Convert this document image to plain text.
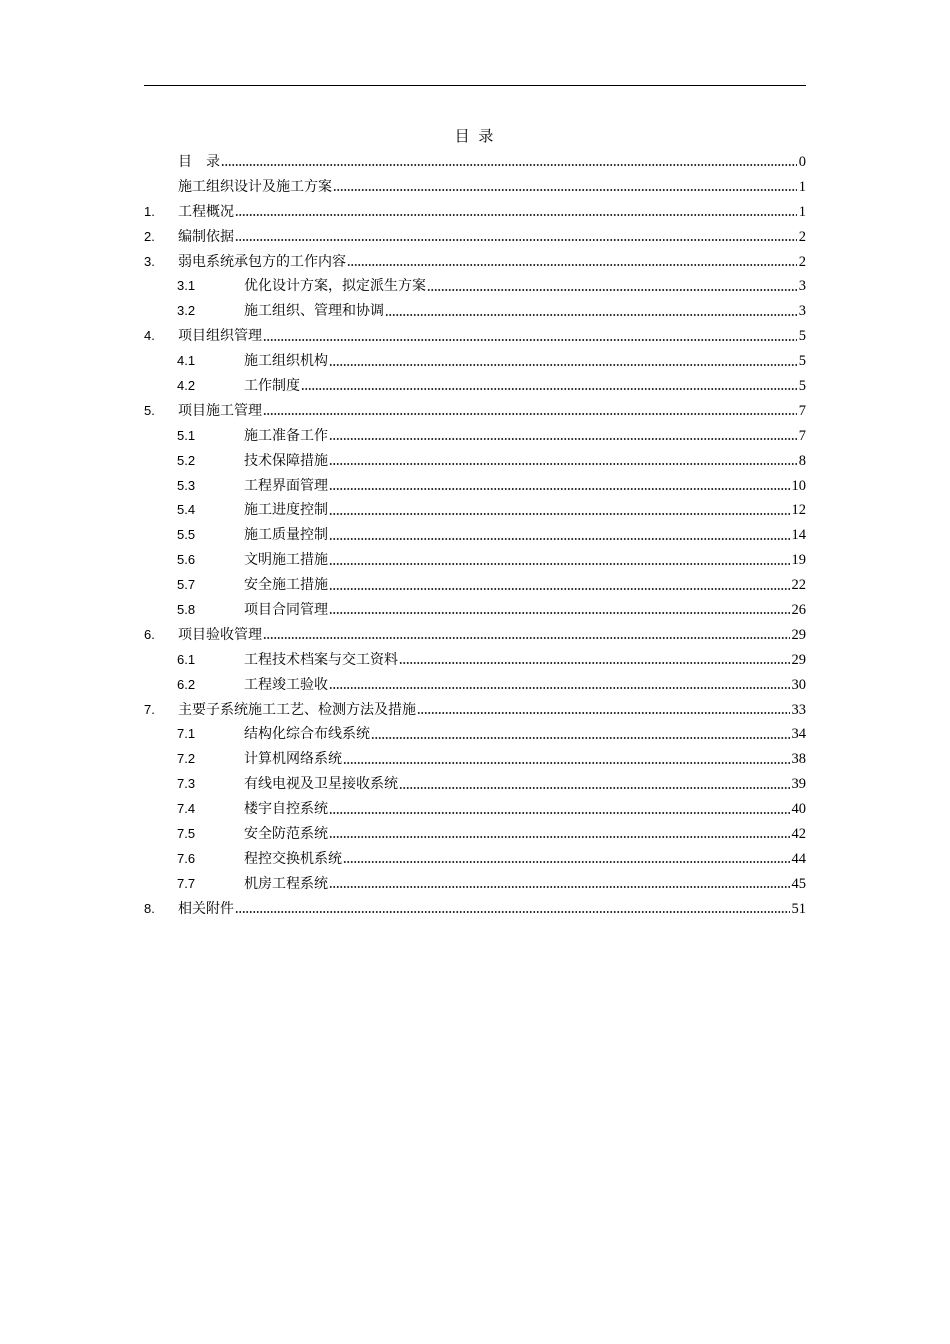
目 录
目　录	0
施工组织设计及施工方案	1
1. 工程概况	1
2. 编制依据	2
3. 弱电系统承包方的工作内容	2
3.1	优化设计方案，拟定派生方案	3
3.2	施工组织、管理和协调	3
4. 项目组织管理	5
4.1	施工组织机构	5
4.2	工作制度	5
5. 项目施工管理	7
5.1	施工准备工作	7
5.2	技术保障措施	8
5.3	工程界面管理	10
5.4	施工进度控制	12
5.5	施工质量控制	14
5.6	文明施工措施	19
5.7	安全施工措施	22
5.8	项目合同管理	26
6. 项目验收管理	29
6.1	工程技术档案与交工资料	29
6.2	工程竣工验收	30
7. 主要子系统施工工艺、检测方法及措施	33
7.1	结构化综合布线系统	34
7.2	计算机网络系统	38
7.3	有线电视及卫星接收系统	39
7.4	楼宇自控系统	40
7.5	安全防范系统	42
7.6	程控交换机系统	44
7.7	机房工程系统	45
8. 相关附件	51
